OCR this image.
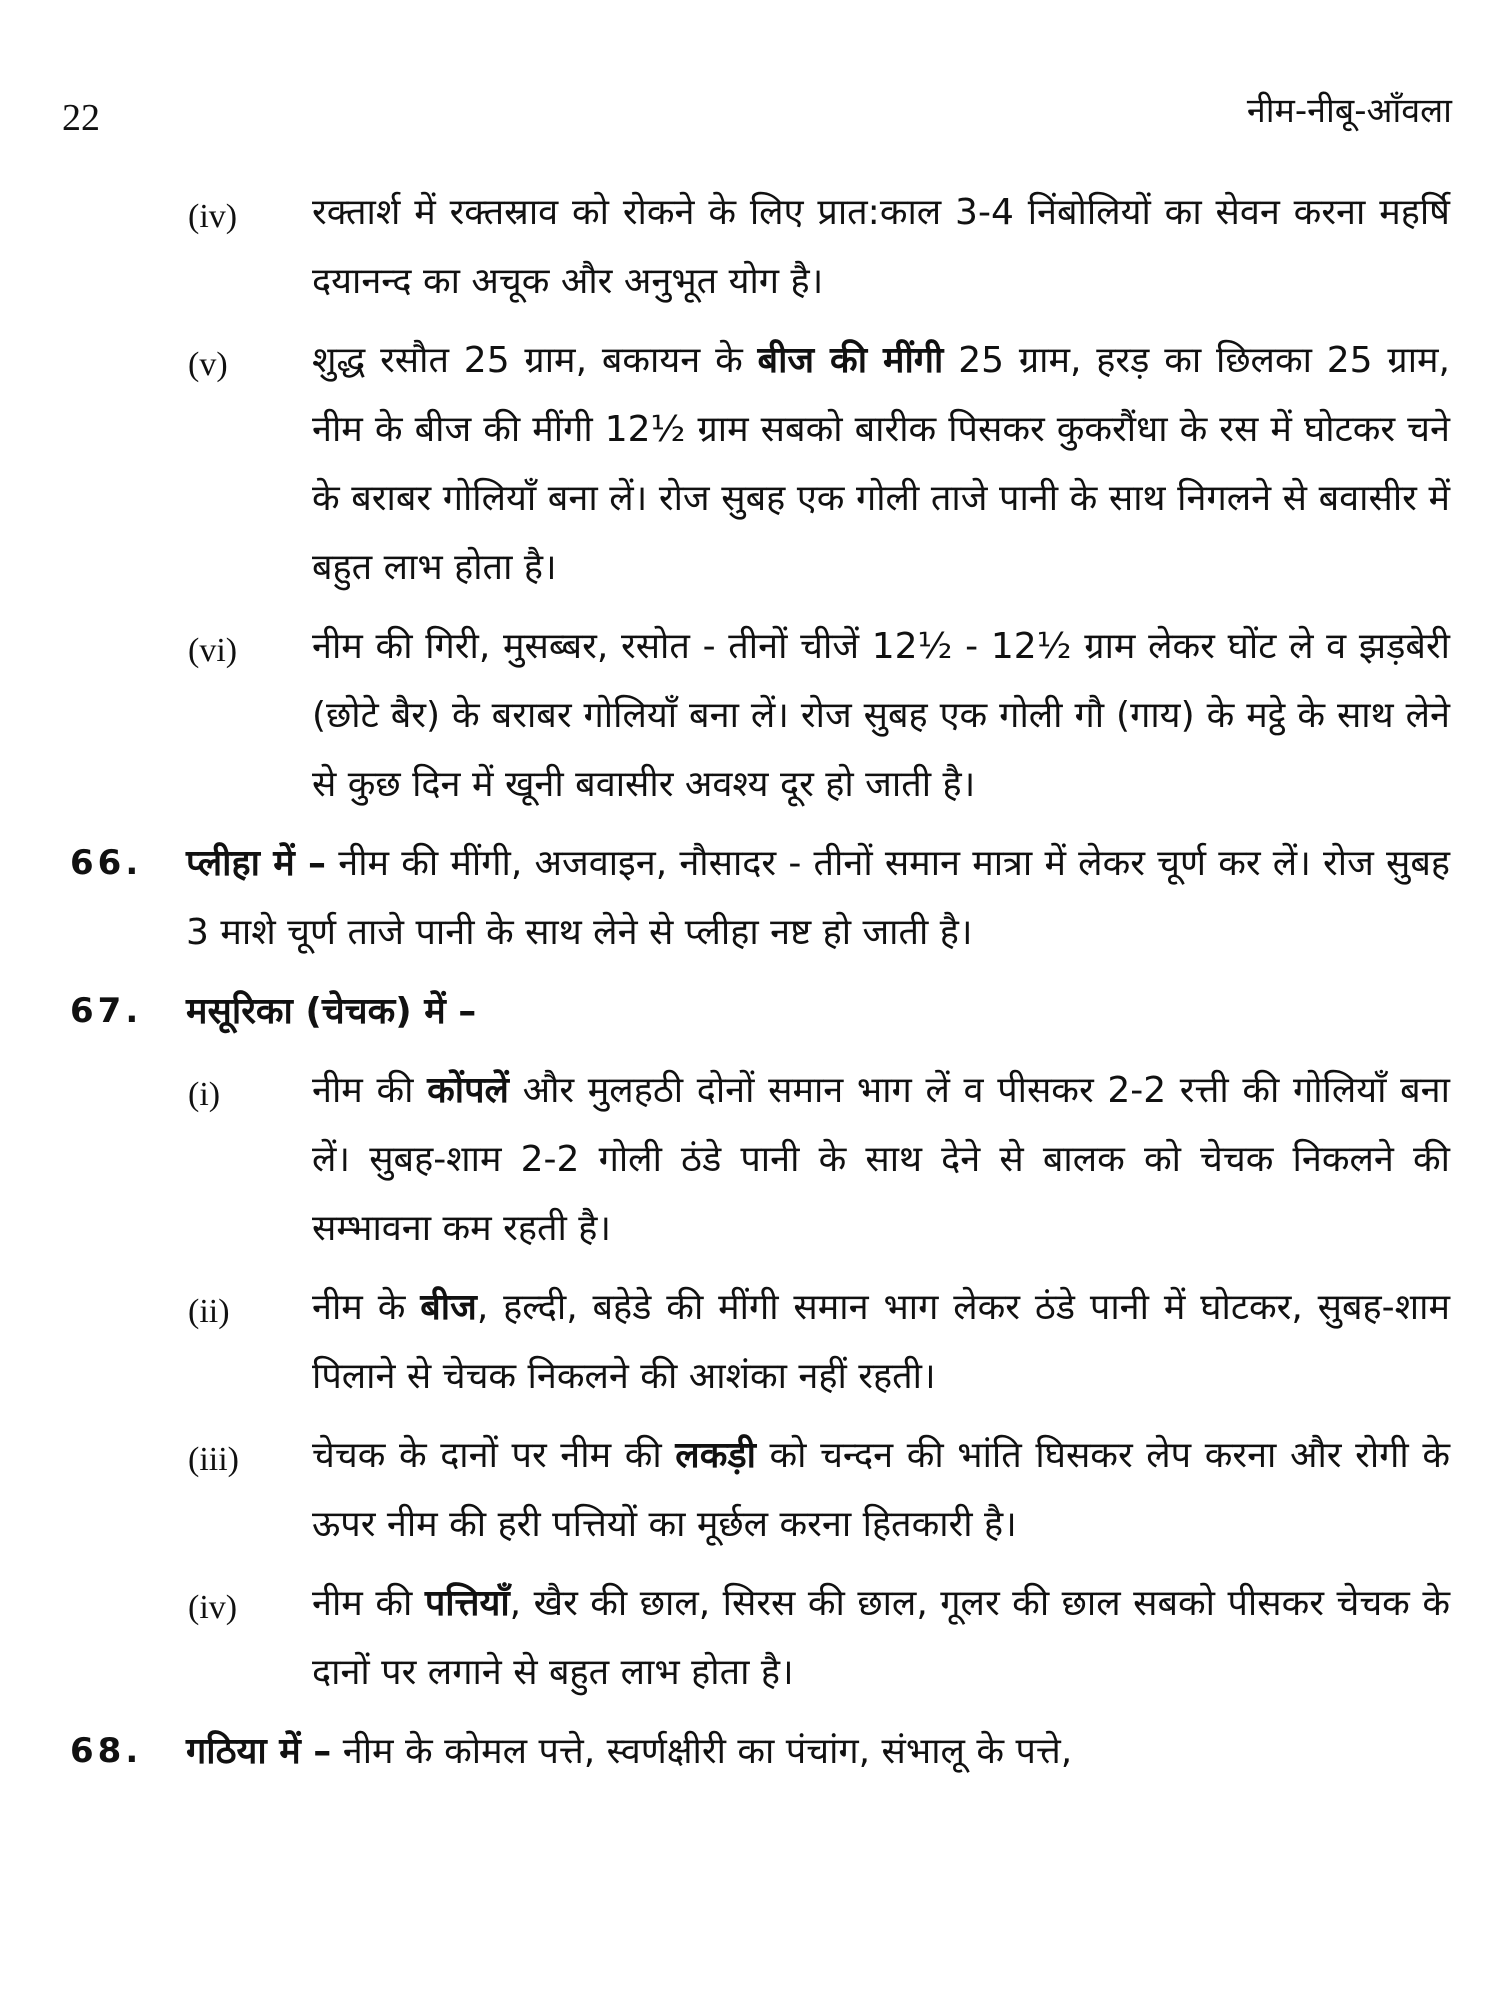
22	नीम-नीबू-आँवला
(iv) रक्तार्श में रक्तस्राव को रोकने के लिए प्रात:काल 3-4 निंबोलियों का सेवन करना महर्षि दयानन्द का अचूक और अनुभूत योग है।
(v) शुद्ध रसौत 25 ग्राम, बकायन के बीज की मींगी 25 ग्राम, हरड़ का छिलका 25 ग्राम, नीम के बीज की मींगी 12½ ग्राम सबको बारीक पिसकर कुकरौंधा के रस में घोटकर चने के बराबर गोलियाँ बना लें। रोज सुबह एक गोली ताजे पानी के साथ निगलने से बवासीर में बहुत लाभ होता है।
(vi) नीम की गिरी, मुसब्बर, रसोत - तीनों चीजें 12½ - 12½ ग्राम लेकर घोंट ले व झड़बेरी (छोटे बैर) के बराबर गोलियाँ बना लें। रोज सुबह एक गोली गौ (गाय) के मट्ठे के साथ लेने से कुछ दिन में खूनी बवासीर अवश्य दूर हो जाती है।
66. प्लीहा में – नीम की मींगी, अजवाइन, नौसादर - तीनों समान मात्रा में लेकर चूर्ण कर लें। रोज सुबह 3 माशे चूर्ण ताजे पानी के साथ लेने से प्लीहा नष्ट हो जाती है।
67. मसूरिका (चेचक) में –
(i)	नीम की कोंपलें और मुलहठी दोनों समान भाग लें व पीसकर 2-2 रत्ती की गोलियाँ बना लें। सुबह-शाम 2-2 गोली ठंडे पानी के साथ देने से बालक को चेचक निकलने की सम्भावना कम रहती है।
(ii) नीम के बीज, हल्दी, बहेडे की मींगी समान भाग लेकर ठंडे पानी में घोटकर, सुबह-शाम पिलाने से चेचक निकलने की आशंका नहीं रहती।
(iii) चेचक के दानों पर नीम की लकड़ी को चन्दन की भांति घिसकर लेप करना और रोगी के ऊपर नीम की हरी पत्तियों का मूर्छल करना हितकारी है।
(iv) नीम की पत्तियाँ, खैर की छाल, सिरस की छाल, गूलर की छाल सबको पीसकर चेचक के दानों पर लगाने से बहुत लाभ होता है।
68. गठिया में – नीम के कोमल पत्ते, स्वर्णक्षीरी का पंचांग, संभालू के पत्ते,
